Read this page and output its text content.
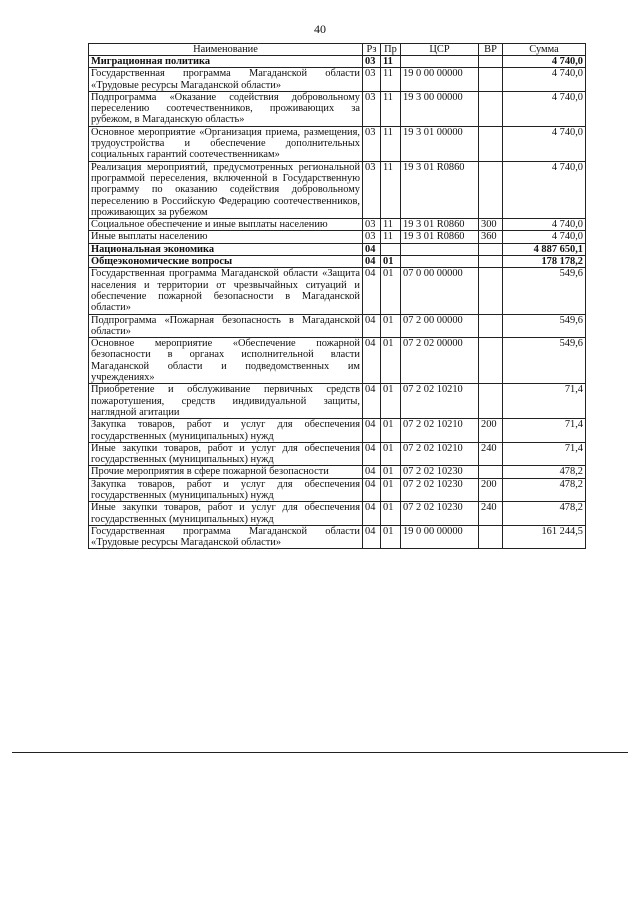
40
Наименование	Рз	Пр	ЦСР	ВР	Сумма
Миграционная политика	03	11			4 740,0
Государственная программа Магаданской области «Трудовые ресурсы Магаданской области»	03	11	19 0 00 00000		4 740,0
Подпрограмма «Оказание содействия добровольному переселению соотечественников, проживающих за рубежом, в Магаданскую область»	03	11	19 3 00 00000		4 740,0
Основное мероприятие «Организация приема, размещения, трудоустройства и обеспечение дополнительных социальных гарантий соотечественникам»	03	11	19 3 01 00000		4 740,0
Реализация мероприятий, предусмотренных региональной программой переселения, включенной в Государственную программу по оказанию содействия добровольному переселению в Российскую Федерацию соотечественников, проживающих за рубежом	03	11	19 3 01 R0860		4 740,0
Социальное обеспечение и иные выплаты населению	03	11	19 3 01 R0860	300	4 740,0
Иные выплаты населению	03	11	19 3 01 R0860	360	4 740,0
Национальная экономика	04				4 887 650,1
Общеэкономические вопросы	04	01			178 178,2
Государственная программа Магаданской области «Защита населения и территории от чрезвычайных ситуаций и обеспечение пожарной безопасности в Магаданской области»	04	01	07 0 00 00000		549,6
Подпрограмма «Пожарная безопасность в Магаданской области»	04	01	07 2 00 00000		549,6
Основное мероприятие «Обеспечение пожарной безопасности в органах исполнительной власти Магаданской области и подведомственных им учреждениях»	04	01	07 2 02 00000		549,6
Приобретение и обслуживание первичных средств пожаротушения, средств индивидуальной защиты, наглядной агитации	04	01	07 2 02 10210		71,4
Закупка товаров, работ и услуг для обеспечения государственных (муниципальных) нужд	04	01	07 2 02 10210	200	71,4
Иные закупки товаров, работ и услуг для обеспечения государственных (муниципальных) нужд	04	01	07 2 02 10210	240	71,4
Прочие мероприятия в сфере пожарной безопасности	04	01	07 2 02 10230		478,2
Закупка товаров, работ и услуг для обеспечения государственных (муниципальных) нужд	04	01	07 2 02 10230	200	478,2
Иные закупки товаров, работ и услуг для обеспечения государственных (муниципальных) нужд	04	01	07 2 02 10230	240	478,2
Государственная программа Магаданской области «Трудовые ресурсы Магаданской области»	04	01	19 0 00 00000		161 244,5
